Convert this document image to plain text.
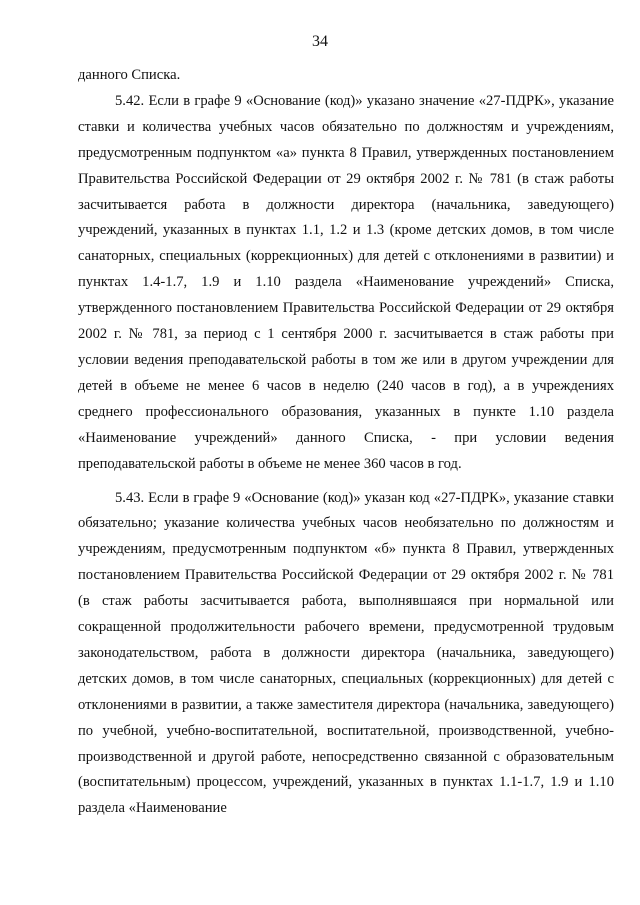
34

данного Списка.

5.42. Если в графе 9 «Основание (код)» указано значение «27-ПДРК», указание ставки и количества учебных часов обязательно по должностям и учреждениям, предусмотренным подпунктом «а» пункта 8 Правил, утвержденных постановлением Правительства Российской Федерации от 29 октября 2002 г. № 781 (в стаж работы засчитывается работа в должности директора (начальника, заведующего) учреждений, указанных в пунктах 1.1, 1.2 и 1.3 (кроме детских домов, в том числе санаторных, специальных (коррекционных) для детей с отклонениями в развитии) и пунктах 1.4-1.7, 1.9 и 1.10 раздела «Наименование учреждений» Списка, утвержденного постановлением Правительства Российской Федерации от 29 октября 2002 г. № 781, за период с 1 сентября 2000 г. засчитывается в стаж работы при условии ведения преподавательской работы в том же или в другом учреждении для детей в объеме не менее 6 часов в неделю (240 часов в год), а в учреждениях среднего профессионального образования, указанных в пункте 1.10 раздела «Наименование учреждений» данного Списка, - при условии ведения преподавательской работы в объеме не менее 360 часов в год.

5.43. Если в графе 9 «Основание (код)» указан код «27-ПДРК», указание ставки обязательно; указание количества учебных часов необязательно по должностям и учреждениям, предусмотренным подпунктом «б» пункта 8 Правил, утвержденных постановлением Правительства Российской Федерации от 29 октября 2002 г. № 781 (в стаж работы засчитывается работа, выполнявшаяся при нормальной или сокращенной продолжительности рабочего времени, предусмотренной трудовым законодательством, работа в должности директора (начальника, заведующего) детских домов, в том числе санаторных, специальных (коррекционных) для детей с отклонениями в развитии, а также заместителя директора (начальника, заведующего) по учебной, учебно-воспитательной, воспитательной, производственной, учебно-производственной и другой работе, непосредственно связанной с образовательным (воспитательным) процессом, учреждений, указанных в пунктах 1.1-1.7, 1.9 и 1.10 раздела «Наименование
